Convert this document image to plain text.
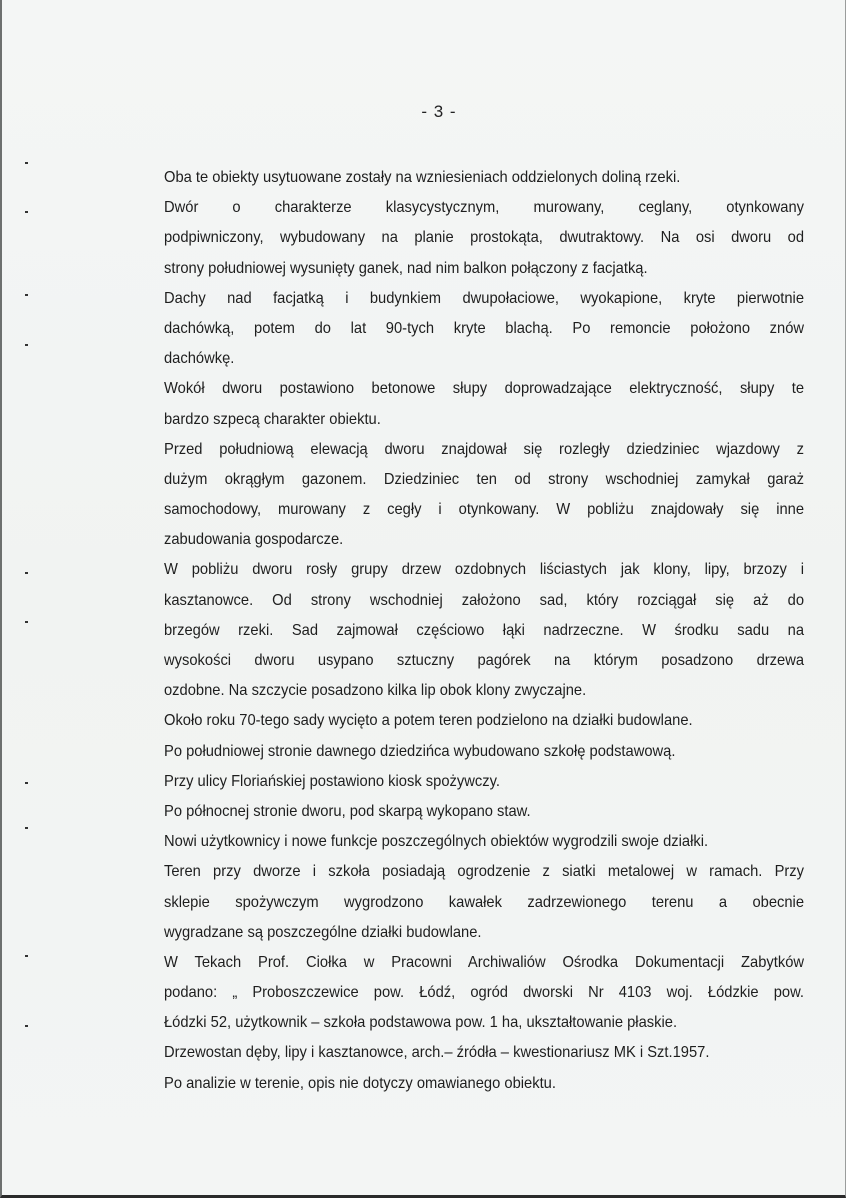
- 3 -
Oba te obiekty usytuowane zostały na wzniesieniach oddzielonych doliną rzeki.
Dwór o charakterze klasycystycznym, murowany, ceglany, otynkowany
podpiwniczony, wybudowany na planie prostokąta, dwutraktowy. Na osi dworu od
strony południowej wysunięty ganek, nad nim balkon połączony z facjatką.
Dachy nad facjatką i budynkiem dwupołaciowe, wyokapione, kryte pierwotnie
dachówką, potem do lat 90-tych kryte blachą. Po remoncie położono znów
dachówkę.
Wokół dworu postawiono betonowe słupy doprowadzające elektryczność, słupy te
bardzo szpecą charakter obiektu.
Przed południową elewacją dworu znajdował się rozległy dziedziniec wjazdowy z
dużym okrągłym gazonem. Dziedziniec ten od strony wschodniej zamykał garaż
samochodowy, murowany z cegły i otynkowany. W pobliżu znajdowały się inne
zabudowania gospodarcze.
W pobliżu dworu rosły grupy drzew ozdobnych liściastych jak klony, lipy, brzozy i
kasztanowce. Od strony wschodniej założono sad, który rozciągał się aż do
brzegów rzeki. Sad zajmował częściowo łąki nadrzeczne. W środku sadu na
wysokości dworu usypano sztuczny pagórek na którym posadzono drzewa
ozdobne. Na szczycie posadzono kilka lip obok klony zwyczajne.
Około roku 70-tego sady wycięto a potem teren podzielono na działki budowlane.
Po południowej stronie dawnego dziedzińca wybudowano szkołę podstawową.
Przy ulicy Floriańskiej postawiono kiosk spożywczy.
Po północnej stronie dworu, pod skarpą wykopano staw.
Nowi użytkownicy i nowe funkcje poszczególnych obiektów wygrodzili swoje działki.
Teren przy dworze i szkoła posiadają ogrodzenie z siatki metalowej w ramach. Przy
sklepie spożywczym wygrodzono kawałek zadrzewionego terenu a obecnie
wygradzane są poszczególne działki budowlane.
W Tekach Prof. Ciołka w Pracowni Archiwaliów Ośrodka Dokumentacji Zabytków
podano: „ Proboszczewice pow. Łódź, ogród dworski Nr 4103 woj. Łódzkie pow.
Łódzki 52, użytkownik – szkoła podstawowa pow. 1 ha, ukształtowanie płaskie.
Drzewostan dęby, lipy i kasztanowce, arch.– źródła – kwestionariusz MK i Szt.1957.
Po analizie w terenie, opis nie dotyczy omawianego obiektu.
